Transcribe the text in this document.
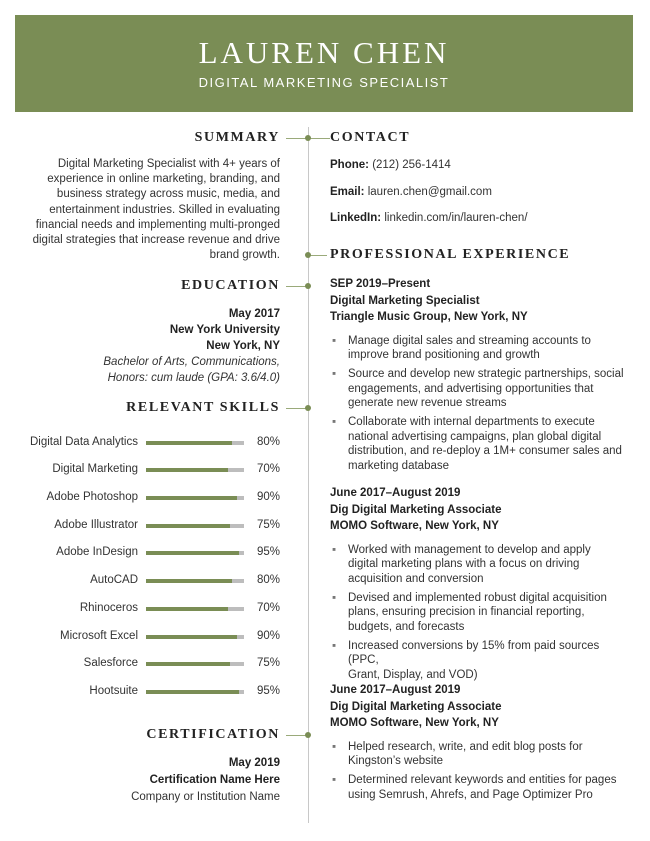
LAUREN CHEN
DIGITAL MARKETING SPECIALIST
SUMMARY
Digital Marketing Specialist with 4+ years of
experience in online marketing, branding, and
business strategy across music, media, and
entertainment industries. Skilled in evaluating
financial needs and implementing multi-pronged
digital strategies that increase revenue and drive
brand growth.
EDUCATION
May 2017
New York University
New York, NY
Bachelor of Arts, Communications,
Honors: cum laude (GPA: 3.6/4.0)
RELEVANT SKILLS
Digital Data Analytics	80%
Digital Marketing	70%
Adobe Photoshop	90%
Adobe Illustrator	75%
Adobe InDesign	95%
AutoCAD	80%
Rhinoceros	70%
Microsoft Excel	90%
Salesforce	75%
Hootsuite	95%
CERTIFICATION
May 2019
Certification Name Here
Company or Institution Name
CONTACT
Phone: (212) 256-1414
Email: lauren.chen@gmail.com
LinkedIn: linkedin.com/in/lauren-chen/
PROFESSIONAL EXPERIENCE
SEP 2019–Present
Digital Marketing Specialist
Triangle Music Group, New York, NY
▪ Manage digital sales and streaming accounts to
improve brand positioning and growth
▪ Source and develop new strategic partnerships, social
engagements, and advertising opportunities that
generate new revenue streams
▪ Collaborate with internal departments to execute
national advertising campaigns, plan global digital
distribution, and re-deploy a 1M+ consumer sales and
marketing database
June 2017–August 2019
Dig Digital Marketing Associate
MOMO Software, New York, NY
▪ Worked with management to develop and apply
digital marketing plans with a focus on driving
acquisition and conversion
▪ Devised and implemented robust digital acquisition
plans, ensuring precision in financial reporting,
budgets, and forecasts
▪ Increased conversions by 15% from paid sources (PPC,
Grant, Display, and VOD)
June 2017–August 2019
Dig Digital Marketing Associate
MOMO Software, New York, NY
▪ Helped research, write, and edit blog posts for
Kingston’s website
▪ Determined relevant keywords and entities for pages
using Semrush, Ahrefs, and Page Optimizer Pro
